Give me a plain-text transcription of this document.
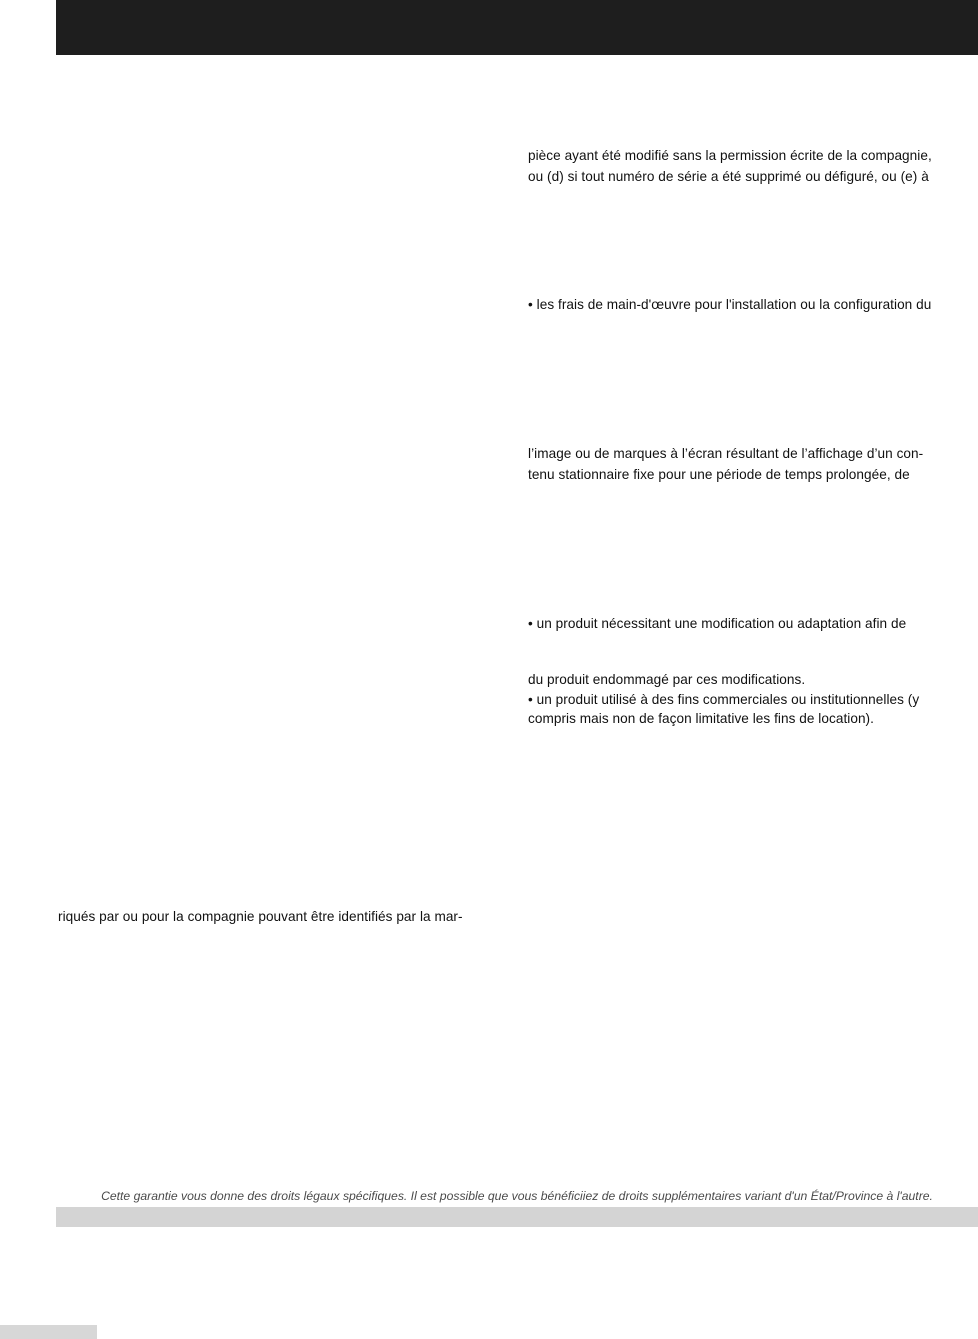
pièce ayant été modifié sans la permission écrite de la compagnie,

ou (d) si tout numéro de série a été supprimé ou défiguré, ou (e) à

• les frais de main-d'œuvre pour l'installation ou la configuration du

l’image ou de marques à l’écran résultant de l’affichage d’un con-

tenu stationnaire fixe pour une période de temps prolongée, de

• un produit nécessitant une modification ou adaptation afin de

du produit endommagé par ces modifications.

• un produit utilisé à des fins commerciales ou institutionnelles (y

compris mais non de façon limitative les fins de location).

riqués par ou pour la compagnie pouvant être identifiés par la mar-

Cette garantie vous donne des droits légaux spécifiques. Il est possible que vous bénéficiiez de droits supplémentaires variant d'un État/Province à l'autre.
